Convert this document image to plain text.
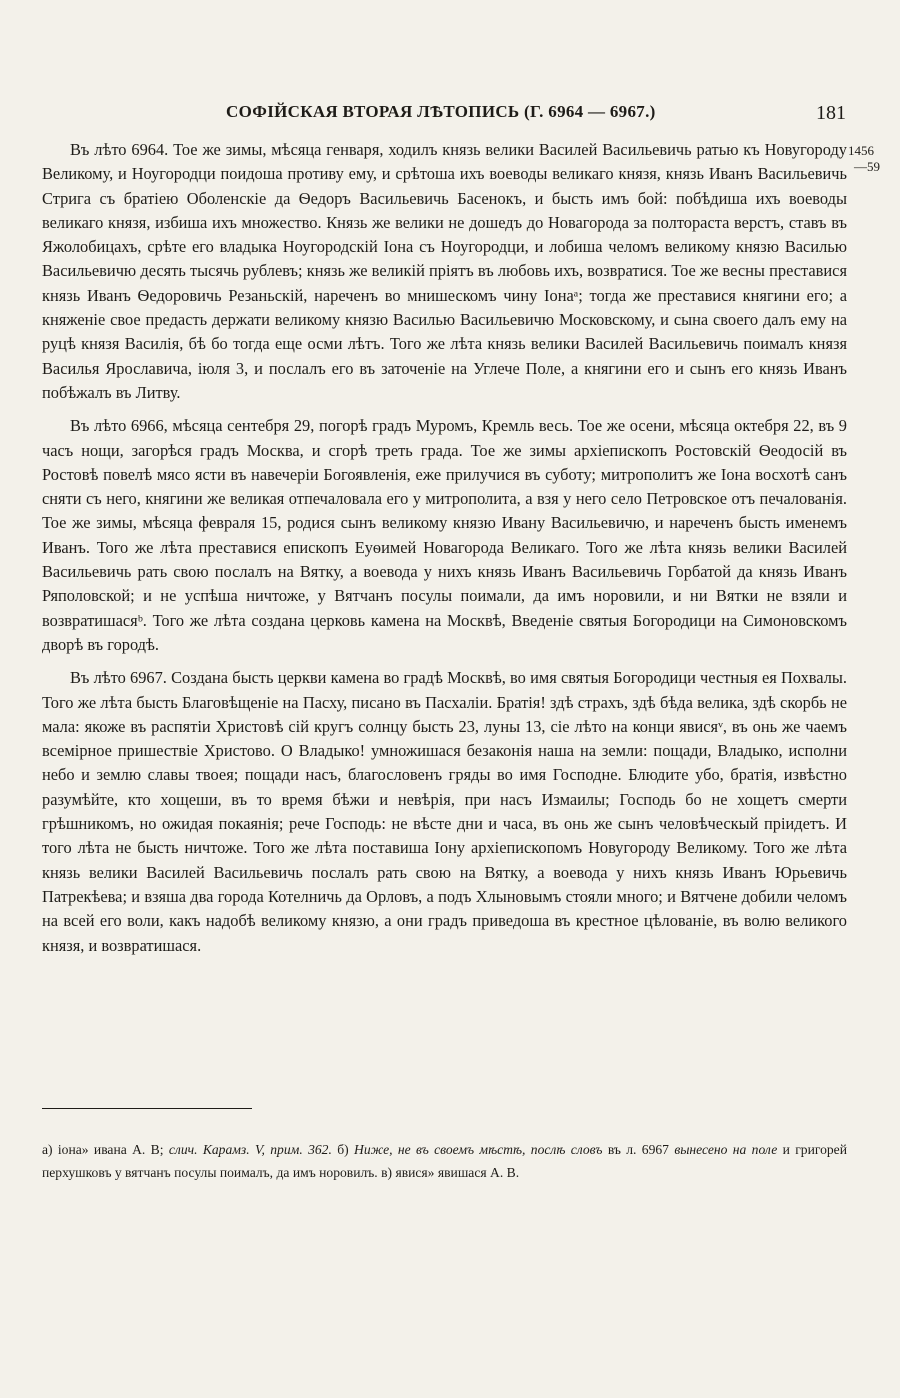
СОФІЙСКАЯ ВТОРАЯ ЛѢТОПИСЬ (Г. 6964 — 6967.)	181
1456
—59

Въ лѣто 6964. Тое же зимы, мѣсяца генваря, ходилъ князь велики Василей Васильевичь ратью къ Новугороду Великому, и Ноугородци поидоша противу ему, и срѣтоша ихъ воеводы великаго князя, князь Иванъ Васильевичь Стрига съ братіею Оболенскіе да Ѳедоръ Васильевичь Басенокъ, и бысть имъ бой: побѣдиша ихъ воеводы великаго князя, избиша ихъ множество. Князь же велики не дошедъ до Новагорода за полтораста верстъ, ставъ въ Яжолобицахъ, срѣте его владыка Ноугородскій Іона съ Ноугородци, и лобиша челомъ великому князю Василью Васильевичю десять тысячь рублевъ; князь же великій пріятъ въ любовь ихъ, возвратися. Тое же весны преставися князь Иванъ Ѳедоровичь Резаньскій, нареченъ во мнишескомъ чину Іонаᵃ; тогда же преставися княгини его; а княженіе свое предасть держати великому князю Василью Васильевичю Московскому, и сына своего далъ ему на руцѣ князя Василія, бѣ бо тогда еще осми лѣтъ. Того же лѣта князь велики Василей Васильевичь поималъ князя Василья Ярославича, іюля 3, и послалъ его въ заточеніе на Углече Поле, а княгини его и сынъ его князь Иванъ побѣжалъ въ Литву.

Въ лѣто 6966, мѣсяца сентебря 29, погорѣ градъ Муромъ, Кремль весь. Тое же осени, мѣсяца октебря 22, въ 9 часъ нощи, загорѣся градъ Москва, и сгорѣ треть града. Тое же зимы архіепископъ Ростовскій Ѳеодосій въ Ростовѣ повелѣ мясо ясти въ навечеріи Богоявленія, еже прилучися въ суботу; митрополитъ же Іона восхотѣ санъ сняти съ него, княгини же великая отпечаловала его у митрополита, а взя у него село Петровское отъ печалованія. Тое же зимы, мѣсяца февраля 15, родися сынъ великому князю Ивану Васильевичю, и нареченъ бысть именемъ Иванъ. Того же лѣта преставися епископъ Еуѳимей Новагорода Великаго. Того же лѣта князь велики Василей Васильевичь рать свою послалъ на Вятку, а воевода у нихъ князь Иванъ Васильевичь Горбатой да князь Иванъ Ряполовской; и не успѣша ничтоже, у Вятчанъ посулы поимали, да имъ норовили, и ни Вятки не взяли и возвратишасяᵇ. Того же лѣта создана церковь камена на Москвѣ, Введеніе святыя Богородици на Симоновскомъ дворѣ въ городѣ.

Въ лѣто 6967. Создана бысть церкви камена во градѣ Москвѣ, во имя святыя Богородици честныя ея Похвалы. Того же лѣта бысть Благовѣщеніе на Пасху, писано въ Пасхаліи. Братія! здѣ страхъ, здѣ бѣда велика, здѣ скорбь не мала: якоже въ распятіи Христовѣ сій кругъ солнцу бысть 23, луны 13, сіе лѣто на конци явисяᵛ, въ онь же чаемъ всемірное пришествіе Христово. О Владыко! умножишася безаконія наша на земли: пощади, Владыко, исполни небо и землю славы твоея; пощади насъ, благословенъ гряды во имя Господне. Блюдите убо, братія, извѣстно разумѣйте, кто хощеши, въ то время бѣжи и невѣрія, при насъ Измаилы; Господь бо не хощетъ смерти грѣшникомъ, но ожидая покаянія; рече Господь: не вѣсте дни и часа, въ онь же сынъ человѣческый пріидетъ. И того лѣта не бысть ничтоже. Того же лѣта поставиша Іону архіепископомъ Новугороду Великому. Того же лѣта князь велики Василей Васильевичь послалъ рать свою на Вятку, а воевода у нихъ князь Иванъ Юрьевичь Патрекѣева; и взяша два города Котелничь да Орловъ, а подъ Хлыновымъ стояли много; и Вятчене добили челомъ на всей его воли, какъ надобѣ великому князю, а они градъ приведоша въ крестное цѣлованіе, въ волю великого князя, и возвратишася.

а) іона» ивана А. В; слич. Карамз. V, прим. 362. б) Ниже, не въ своемъ мѣстѣ, послѣ словъ въ л. 6967 вынесено на поле и григорей перхушковъ у вятчанъ посулы поималъ, да имъ норовилъ. в) явися» явишася А. В.
